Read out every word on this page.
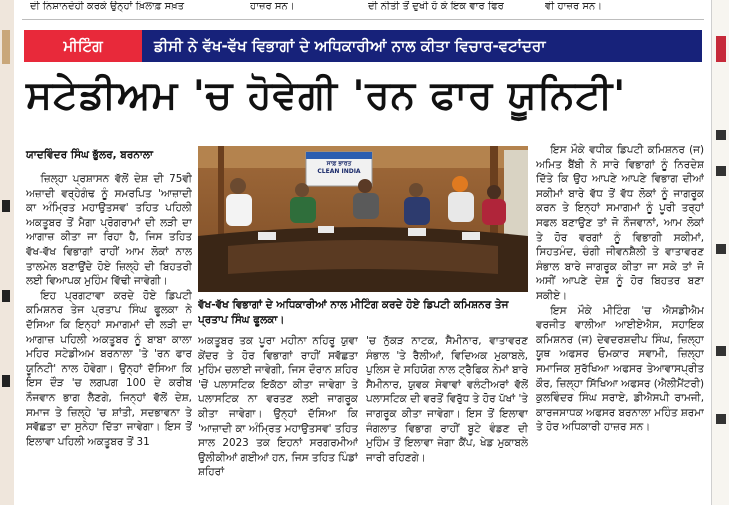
ਦੀ ਨਿਸ਼ਾਨਦੇਹੀ ਕਰਕੇ ਉਨ੍ਹਾਂ ਖ਼ਿਲਾਫ਼ ਸਖ਼ਤ	ਹਾਜ਼ਰ ਸਨ।	ਦੀ ਨੀਤੀ ਤੋਂ ਦੁਖੀ ਹੋ ਕੇ ਇਕ ਵਾਰ ਫਿਰ	ਵੀ ਹਾਜ਼ਰ ਸਨ।
ਮੀਟਿੰਗ	ਡੀਸੀ ਨੇ ਵੱਖ-ਵੱਖ ਵਿਭਾਗਾਂ ਦੇ ਅਧਿਕਾਰੀਆਂ ਨਾਲ ਕੀਤਾ ਵਿਚਾਰ-ਵਟਾਂਦਰਾ
ਸਟੇਡੀਅਮ 'ਚ ਹੋਵੇਗੀ 'ਰਨ ਫਾਰ ਯੂਨਿਟੀ'
ਯਾਦਵਿੰਦਰ ਸਿੰਘ ਭੁੱਲਰ, ਬਰਨਾਲਾ
ਸਾਫ਼ ਭਾਰਤ
CLEAN INDIA
ਵੱਖ-ਵੱਖ ਵਿਭਾਗਾਂ ਦੇ ਅਧਿਕਾਰੀਆਂ ਨਾਲ ਮੀਟਿੰਗ ਕਰਦੇ ਹੋਏ ਡਿਪਟੀ ਕਮਿਸ਼ਨਰ ਤੇਜ ਪ੍ਰਤਾਪ ਸਿੰਘ ਫੂਲਕਾ।

ਜ਼ਿਲ੍ਹਾ ਪ੍ਰਸ਼ਾਸਨ ਵੱਲੋਂ ਦੇਸ਼ ਦੀ 75ਵੀ ਅਜ਼ਾਦੀ ਵਰ੍ਹੇਗੰਢ ਨੂੰ ਸਮਰਪਿਤ 'ਆਜ਼ਾਦੀ ਕਾ ਅੰਮ੍ਰਿਤ ਮਹਾਉਤਸਵ' ਤਹਿਤ ਪਹਿਲੀ ਅਕਤੂਬਰ ਤੋਂ ਮੈਗਾ ਪ੍ਰੋਗਰਾਮਾਂ ਦੀ ਲੜੀ ਦਾ ਆਗਾਜ਼ ਕੀਤਾ ਜਾ ਰਿਹਾ ਹੈ, ਜਿਸ ਤਹਿਤ ਵੱਖ-ਵੱਖ ਵਿਭਾਗਾਂ ਰਾਹੀਂ ਆਮ ਲੋਕਾਂ ਨਾਲ ਤਾਲਮੇਲ ਬਣਾਉਂਦੇ ਹੋਏ ਜ਼ਿਲ੍ਹੇ ਦੀ ਬਿਹਤਰੀ ਲਈ ਵਿਆਪਕ ਮੁਹਿੰਮ ਵਿੱਢੀ ਜਾਵੇਗੀ।

ਇਹ ਪ੍ਰਗਟਾਵਾ ਕਰਦੇ ਹੋਏ ਡਿਪਟੀ ਕਮਿਸ਼ਨਰ ਤੇਜ ਪ੍ਰਤਾਪ ਸਿੰਘ ਫੂਲਕਾ ਨੇ ਦੱਸਿਆ ਕਿ ਇਨ੍ਹਾਂ ਸਮਾਗਮਾਂ ਦੀ ਲੜੀ ਦਾ ਆਗਾਜ਼ ਪਹਿਲੀ ਅਕਤੂਬਰ ਨੂੰ ਬਾਬਾ ਕਾਲਾ ਮਹਿਰ ਸਟੇਡੀਅਮ ਬਰਨਾਲਾ 'ਤੇ 'ਰਨ ਫਾਰ ਯੂਨਿਟੀ' ਨਾਲ ਹੋਵੇਗਾ। ਉਨ੍ਹਾਂ ਦੱਸਿਆ ਕਿ ਇਸ ਦੌੜ 'ਚ ਲਗਪਗ 100 ਦੇ ਕਰੀਬ ਨੌਜਵਾਨ ਭਾਗ ਲੈਣਗੇ, ਜਿਨ੍ਹਾਂ ਵੱਲੋਂ ਦੇਸ਼, ਸਮਾਜ ਤੇ ਜ਼ਿਲ੍ਹੇ 'ਚ ਸ਼ਾਂਤੀ, ਸਦਭਾਵਨਾ ਤੇ ਸਵੱਛਤਾ ਦਾ ਸੁਨੇਹਾ ਦਿੱਤਾ ਜਾਵੇਗਾ। ਇਸ ਤੋਂ ਇਲਾਵਾ ਪਹਿਲੀ ਅਕਤੂਬਰ ਤੋਂ 31

ਅਕਤੂਬਰ ਤਕ ਪੂਰਾ ਮਹੀਨਾ ਨਹਿਰੂ ਯੁਵਾ ਕੇਂਦਰ ਤੇ ਹੋਰ ਵਿਭਾਗਾਂ ਰਾਹੀਂ ਸਵੱਛਤਾ ਮੁਹਿੰਮ ਚਲਾਈ ਜਾਵੇਗੀ, ਜਿਸ ਦੌਰਾਨ ਸ਼ਹਿਰ 'ਚੋਂ ਪਲਾਸਟਿਕ ਇਕੱਠਾ ਕੀਤਾ ਜਾਵੇਗਾ ਤੇ ਪਲਾਸਟਿਕ ਨਾ ਵਰਤਣ ਲਈ ਜਾਗਰੂਕ ਕੀਤਾ ਜਾਵੇਗਾ। ਉਨ੍ਹਾਂ ਦੱਸਿਆ ਕਿ 'ਆਜ਼ਾਦੀ ਕਾ ਅੰਮ੍ਰਿਤ ਮਹਾਉਤਸਵ' ਤਹਿਤ ਸਾਲ 2023 ਤਕ ਇਹਨਾਂ ਸਰਗਰਮੀਆਂ ਉਲੀਕੀਆਂ ਗਈਆਂ ਹਨ, ਜਿਸ ਤਹਿਤ ਪਿੰਡਾਂ ਸ਼ਹਿਰਾਂ

'ਚ ਨੁੱਕੜ ਨਾਟਕ, ਸੈਮੀਨਾਰ, ਵਾਤਾਵਰਣ ਸੰਭਾਲ 'ਤੇ ਰੈਲੀਆਂ, ਵਿਦਿਅਕ ਮੁਕਾਬਲੇ, ਪੁਲਿਸ ਦੇ ਸਹਿਯੋਗ ਨਾਲ ਟ੍ਰੈਫਿਕ ਨੇਮਾਂ ਬਾਰੇ ਸੈਮੀਨਾਰ, ਯੁਵਕ ਸੇਵਾਵਾਂ ਵਲੰਟੀਅਰਾਂ ਵੱਲੋਂ ਪਲਾਸਟਿਕ ਦੀ ਵਰਤੋਂ ਵਿਰੁੱਧ ਤੇ ਹੋਰ ਪੱਖਾਂ 'ਤੇ ਜਾਗਰੂਕ ਕੀਤਾ ਜਾਵੇਗਾ। ਇਸ ਤੋਂ ਇਲਾਵਾ ਜੰਗਲਾਤ ਵਿਭਾਗ ਰਾਹੀਂ ਬੂਟੇ ਵੰਡਣ ਦੀ ਮੁਹਿੰਮ ਤੋਂ ਇਲਾਵਾ ਜੇਗਾ ਕੈਂਪ, ਖੇਡ ਮੁਕਾਬਲੇ ਜਾਰੀ ਰਹਿਣਗੇ।

ਇਸ ਮੌਕੇ ਵਧੀਕ ਡਿਪਟੀ ਕਮਿਸ਼ਨਰ (ਜ) ਅਮਿਤ ਬੈਂਬੀ ਨੇ ਸਾਰੇ ਵਿਭਾਗਾਂ ਨੂੰ ਨਿਰਦੇਸ਼ ਦਿੱਤੇ ਕਿ ਉਹ ਆਪਣੇ ਆਪਣੇ ਵਿਭਾਗ ਦੀਆਂ ਸਕੀਮਾਂ ਬਾਰੇ ਵੱਧ ਤੋਂ ਵੱਧ ਲੋਕਾਂ ਨੂੰ ਜਾਗਰੂਕ ਕਰਨ ਤੇ ਇਨ੍ਹਾਂ ਸਮਾਗਮਾਂ ਨੂੰ ਪੂਰੀ ਤਰ੍ਹਾਂ ਸਫਲ ਬਣਾਉਣ ਤਾਂ ਜੋ ਨੌਜਵਾਨਾਂ, ਆਮ ਲੋਕਾਂ ਤੇ ਹੋਰ ਵਰਗਾਂ ਨੂੰ ਵਿਭਾਗੀ ਸਕੀਮਾਂ, ਸਿਹਤਮੰਦ, ਚੰਗੀ ਜੀਵਨਸ਼ੈਲੀ ਤੇ ਵਾਤਾਵਰਣ ਸੰਭਾਲ ਬਾਰੇ ਜਾਗਰੂਕ ਕੀਤਾ ਜਾ ਸਕੇ ਤਾਂ ਜੋ ਅਸੀਂ ਆਪਣੇ ਦੇਸ਼ ਨੂੰ ਹੋਰ ਬਿਹਤਰ ਬਣਾ ਸਕੀਏ।

ਇਸ ਮੌਕੇ ਮੀਟਿੰਗ 'ਚ ਐਸਡੀਐਮ ਵਰਜੀਤ ਵਾਲੀਆ ਆਈਏਐਸ, ਸਹਾਇਕ ਕਮਿਸ਼ਨਰ (ਜ) ਦੇਵਦਰਸ਼ਦੀਪ ਸਿੰਘ, ਜ਼ਿਲ੍ਹਾ ਯੂਥ ਅਫਸਰ ਓਮਕਾਰ ਸਵਾਮੀ, ਜ਼ਿਲ੍ਹਾ ਸਮਾਜਿਕ ਸੁਰੱਖਿਆ ਅਫਸਰ ਤੇਆਵਾਸਪ੍ਰੀਤ ਕੌਰ, ਜ਼ਿਲ੍ਹਾ ਸਿੱਖਿਆ ਅਫਸਰ (ਐਲੀਮੈਂਟਰੀ) ਕੁਲਵਿੰਦਰ ਸਿੰਘ ਸਰਾਏ, ਡੀਐਸਪੀ ਰਾਮਜੀ, ਕਾਰਜਸਾਧਕ ਅਫਸਰ ਬਰਨਾਲਾ ਮਹਿੰਤ ਸ਼ਰਮਾ ਤੇ ਹੋਰ ਅਧਿਕਾਰੀ ਹਾਜ਼ਰ ਸਨ।
